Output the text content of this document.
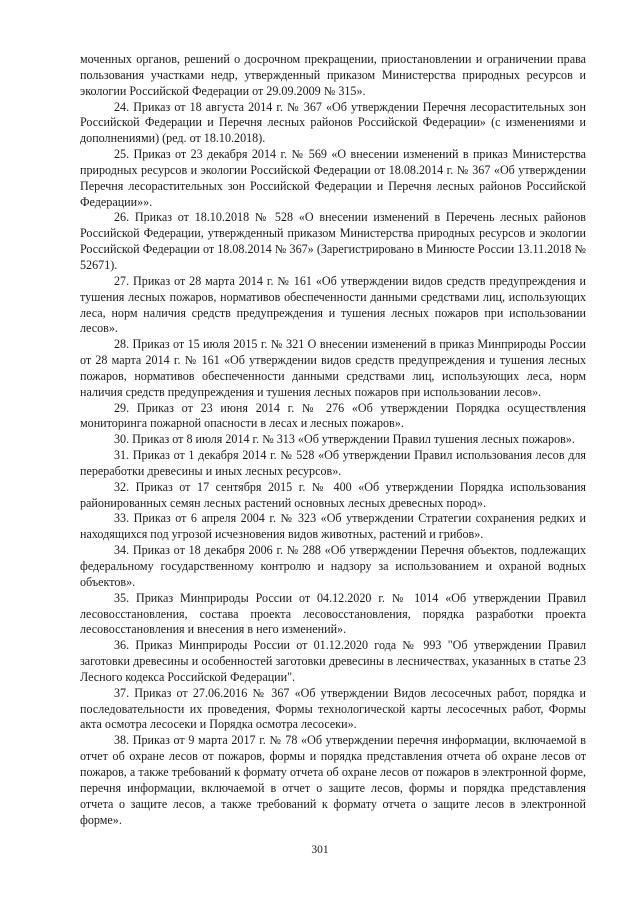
моченных органов, решений о досрочном прекращении, приостановлении и ограничении права пользования участками недр, утвержденный приказом Министерства природных ресурсов и экологии Российской Федерации от 29.09.2009 № 315».

24. Приказ от 18 августа 2014 г. № 367 «Об утверждении Перечня лесорастительных зон Российской Федерации и Перечня лесных районов Российской Федерации» (с изменениями и дополнениями) (ред. от 18.10.2018).

25. Приказ от 23 декабря 2014 г. № 569 «О внесении изменений в приказ Министерства природных ресурсов и экологии Российской Федерации от 18.08.2014 г. № 367 «Об утверждении Перечня лесорастительных зон Российской Федерации и Перечня лесных районов Российской Федерации»».

26. Приказ от 18.10.2018 № 528 «О внесении изменений в Перечень лесных районов Российской Федерации, утвержденный приказом Министерства природных ресурсов и экологии Российской Федерации от 18.08.2014 № 367» (Зарегистрировано в Минюсте России 13.11.2018 № 52671).

27. Приказ от 28 марта 2014 г. № 161 «Об утверждении видов средств предупреждения и тушения лесных пожаров, нормативов обеспеченности данными средствами лиц, использующих леса, норм наличия средств предупреждения и тушения лесных пожаров при использовании лесов».

28. Приказ от 15 июля 2015 г. № 321 О внесении изменений в приказ Минприроды России от 28 марта 2014 г. № 161 «Об утверждении видов средств предупреждения и тушения лесных пожаров, нормативов обеспеченности данными средствами лиц, использующих леса, норм наличия средств предупреждения и тушения лесных пожаров при использовании лесов».

29. Приказ от 23 июня 2014 г. № 276 «Об утверждении Порядка осуществления мониторинга пожарной опасности в лесах и лесных пожаров».

30. Приказ от 8 июля 2014 г. № 313 «Об утверждении Правил тушения лесных пожаров».

31. Приказ от 1 декабря 2014 г. № 528 «Об утверждении Правил использования лесов для переработки древесины и иных лесных ресурсов».

32. Приказ от 17 сентября 2015 г. № 400 «Об утверждении Порядка использования районированных семян лесных растений основных лесных древесных пород».

33. Приказ от 6 апреля 2004 г. № 323 «Об утверждении Стратегии сохранения редких и находящихся под угрозой исчезновения видов животных, растений и грибов».

34. Приказ от 18 декабря 2006 г. № 288 «Об утверждении Перечня объектов, подлежащих федеральному государственному контролю и надзору за использованием и охраной водных объектов».

35. Приказ Минприроды России от 04.12.2020 г. № 1014 «Об утверждении Правил лесовосстановления, состава проекта лесовосстановления, порядка разработки проекта лесовосстановления и внесения в него изменений».

36. Приказ Минприроды России от 01.12.2020 года № 993 "Об утверждении Правил заготовки древесины и особенностей заготовки древесины в лесничествах, указанных в статье 23 Лесного кодекса Российской Федерации".

37. Приказ от 27.06.2016 № 367 «Об утверждении Видов лесосечных работ, порядка и последовательности их проведения, Формы технологической карты лесосечных работ, Формы акта осмотра лесосеки и Порядка осмотра лесосеки».

38. Приказ от 9 марта 2017 г. № 78 «Об утверждении перечня информации, включаемой в отчет об охране лесов от пожаров, формы и порядка представления отчета об охране лесов от пожаров, а также требований к формату отчета об охране лесов от пожаров в электронной форме, перечня информации, включаемой в отчет о защите лесов, формы и порядка представления отчета о защите лесов, а также требований к формату отчета о защите лесов в электронной форме».

301
